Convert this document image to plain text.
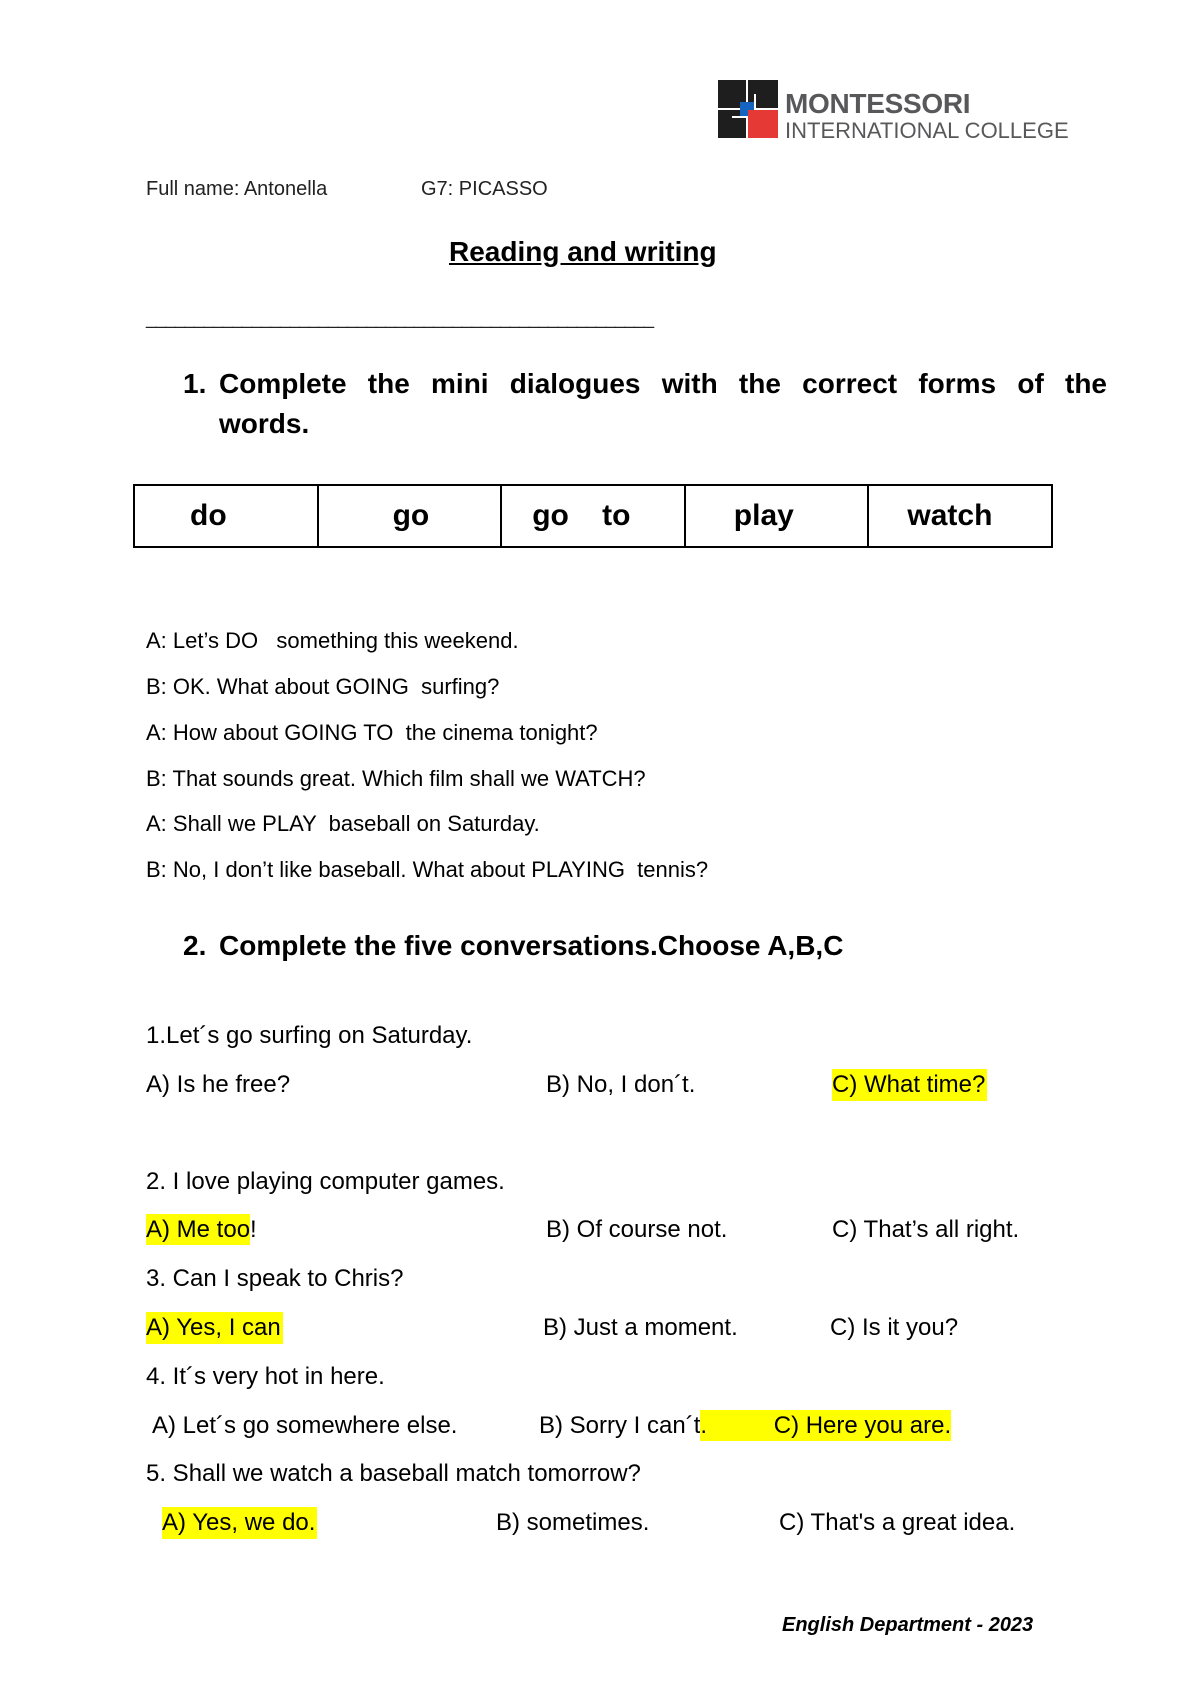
MONTESSORI
INTERNATIONAL COLLEGE
Full name: Antonella	G7: PICASSO
Reading and writing
_____________________________________________________
1. Complete the mini dialogues with the correct forms of the
words.
do	go	go    to	play	watch
A: Let’s DO   something this weekend.
B: OK. What about GOING  surfing?
A: How about GOING TO  the cinema tonight?
B: That sounds great. Which film shall we WATCH?
A: Shall we PLAY  baseball on Saturday.
B: No, I don’t like baseball. What about PLAYING  tennis?
2. Complete the five conversations.Choose A,B,C
1.Let´s go surfing on Saturday.
A) Is he free?	B) No, I don´t.	C) What time?
2. I love playing computer games.
A) Me too!	B) Of course not.	C) That’s all right.
3. Can I speak to Chris?
A) Yes, I can	B) Just a moment.	C) Is it you?
4. It´s very hot in here.
A) Let´s go somewhere else.	B) Sorry I can´t.	C) Here you are.
5. Shall we watch a baseball match tomorrow?
A) Yes, we do.	B) sometimes.	C) That's a great idea.
English Department - 2023
